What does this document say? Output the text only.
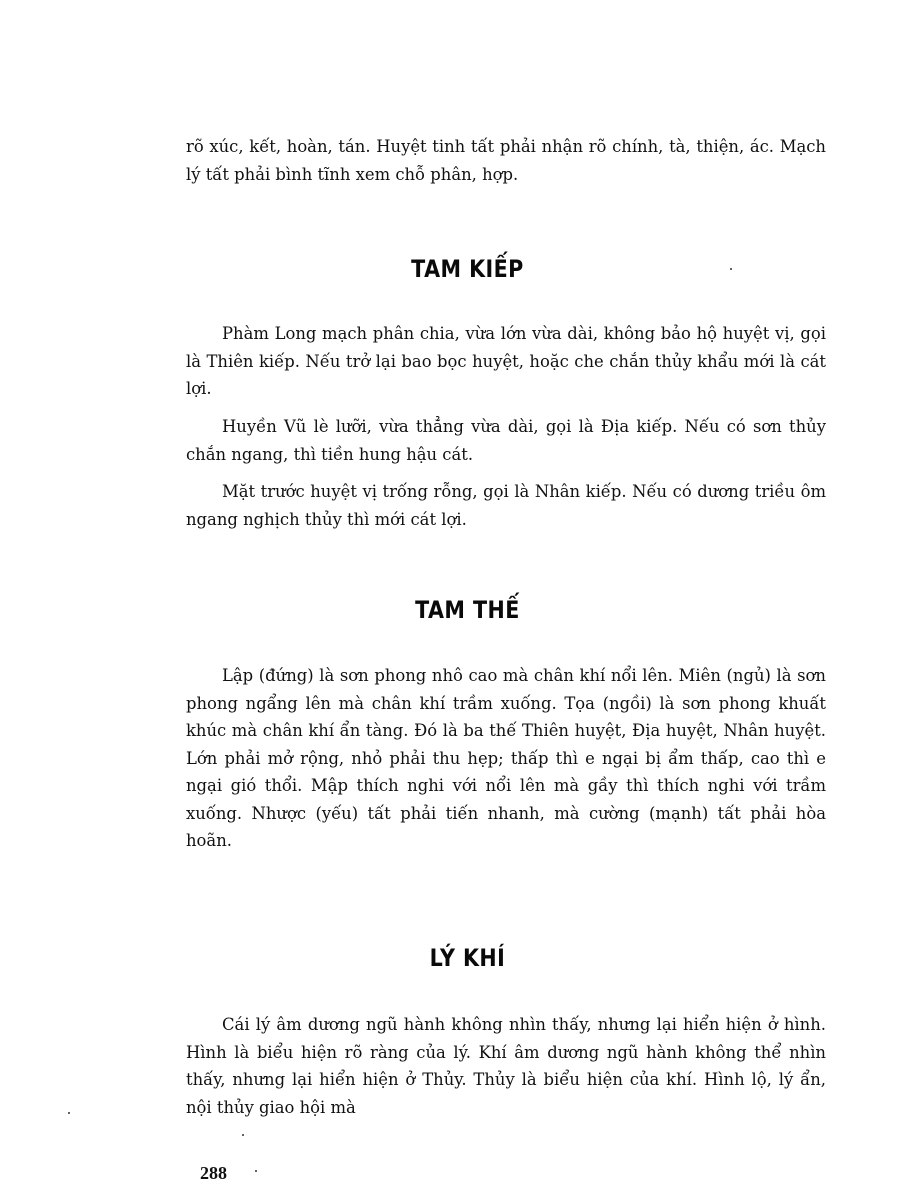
rõ xúc, kết, hoàn, tán. Huyệt tinh tất phải nhận rõ chính, tà, thiện, ác. Mạch lý tất phải bình tĩnh xem chỗ phân, hợp.

TAM KIẾP

Phàm Long mạch phân chia, vừa lớn vừa dài, không bảo hộ huyệt vị, gọi là Thiên kiếp. Nếu trở lại bao bọc huyệt, hoặc che chắn thủy khẩu mới là cát lợi.

Huyền Vũ lè lưỡi, vừa thẳng vừa dài, gọi là Địa kiếp. Nếu có sơn thủy chắn ngang, thì tiền hung hậu cát.

Mặt trước huyệt vị trống rỗng, gọi là Nhân kiếp. Nếu có dương triều ôm ngang nghịch thủy thì mới cát lợi.

TAM THẾ

Lập (đứng) là sơn phong nhô cao mà chân khí nổi lên. Miên (ngủ) là sơn phong ngẩng lên mà chân khí trầm xuống. Tọa (ngồi) là sơn phong khuất khúc mà chân khí ẩn tàng. Đó là ba thế Thiên huyệt, Địa huyệt, Nhân huyệt. Lớn phải mở rộng, nhỏ phải thu hẹp; thấp thì e ngại bị ẩm thấp, cao thì e ngại gió thổi. Mập thích nghi với nổi lên mà gầy thì thích nghi với trầm xuống. Nhược (yếu) tất phải tiến nhanh, mà cường (mạnh) tất phải hòa hoãn.

LÝ KHÍ

Cái lý âm dương ngũ hành không nhìn thấy, nhưng lại hiển hiện ở hình. Hình là biểu hiện rõ ràng của lý. Khí âm dương ngũ hành không thể nhìn thấy, nhưng lại hiển hiện ở Thủy. Thủy là biểu hiện của khí. Hình lộ, lý ẩn, nội thủy giao hội mà

288
